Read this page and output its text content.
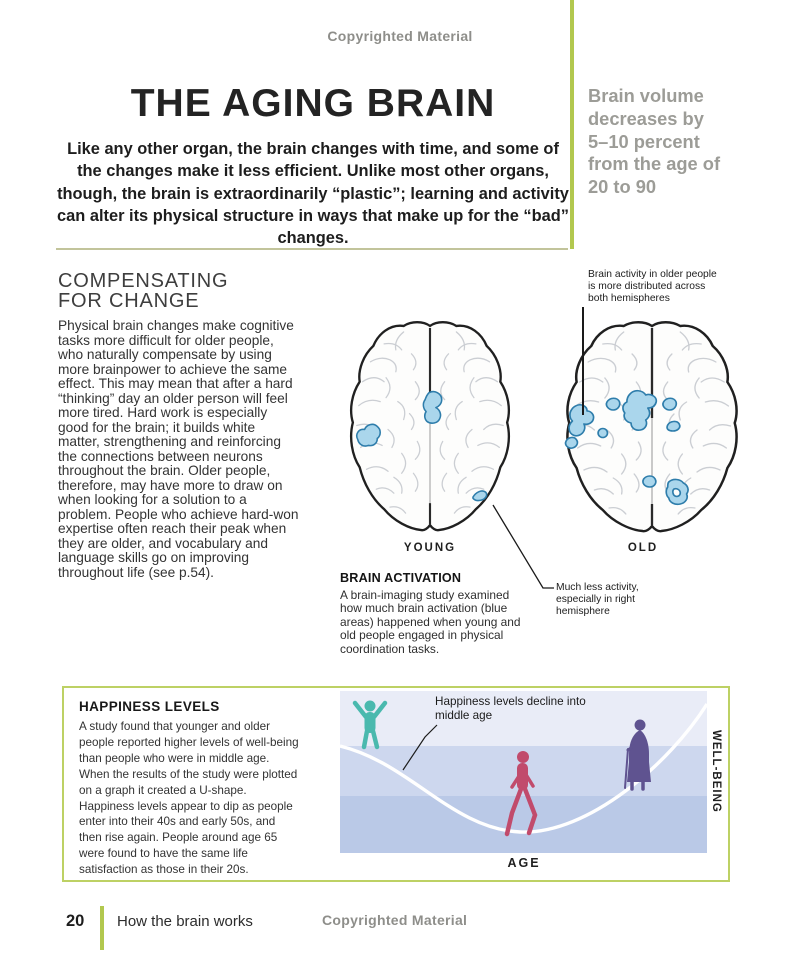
Copyrighted Material
THE AGING BRAIN

Like any other organ, the brain changes with time, and some of the changes make it less efficient. Unlike most other organs, though, the brain is extraordinarily “plastic”; learning and activity can alter its physical structure in ways that make up for the “bad” changes.

Brain volume decreases by 5–10 percent from the age of 20 to 90
COMPENSATING
FOR CHANGE

Physical brain changes make cognitive tasks more difficult for older people, who naturally compensate by using more brainpower to achieve the same effect. This may mean that after a hard “thinking” day an older person will feel more tired. Hard work is especially good for the brain; it builds white matter, strengthening and reinforcing the connections between neurons throughout the brain. Older people, therefore, may have more to draw on when looking for a solution to a problem. People who achieve hard-won expertise often reach their peak when they are older, and vocabulary and language skills go on improving throughout life (see p.54).

YOUNG	OLD
Brain activity in older people is more distributed across both hemispheres
Much less activity, especially in right hemisphere
BRAIN ACTIVATION

A brain-imaging study examined how much brain activation (blue areas) happened when young and old people engaged in physical coordination tasks.

HAPPINESS LEVELS

A study found that younger and older people reported higher levels of well-being than people who were in middle age. When the results of the study were plotted on a graph it created a U-shape. Happiness levels appear to dip as people enter into their 40s and early 50s, and then rise again. People around age 65 were found to have the same life satisfaction as those in their 20s.

Happiness levels decline into middle age
AGE
WELL-BEING
20 How the brain works	Copyrighted Material
